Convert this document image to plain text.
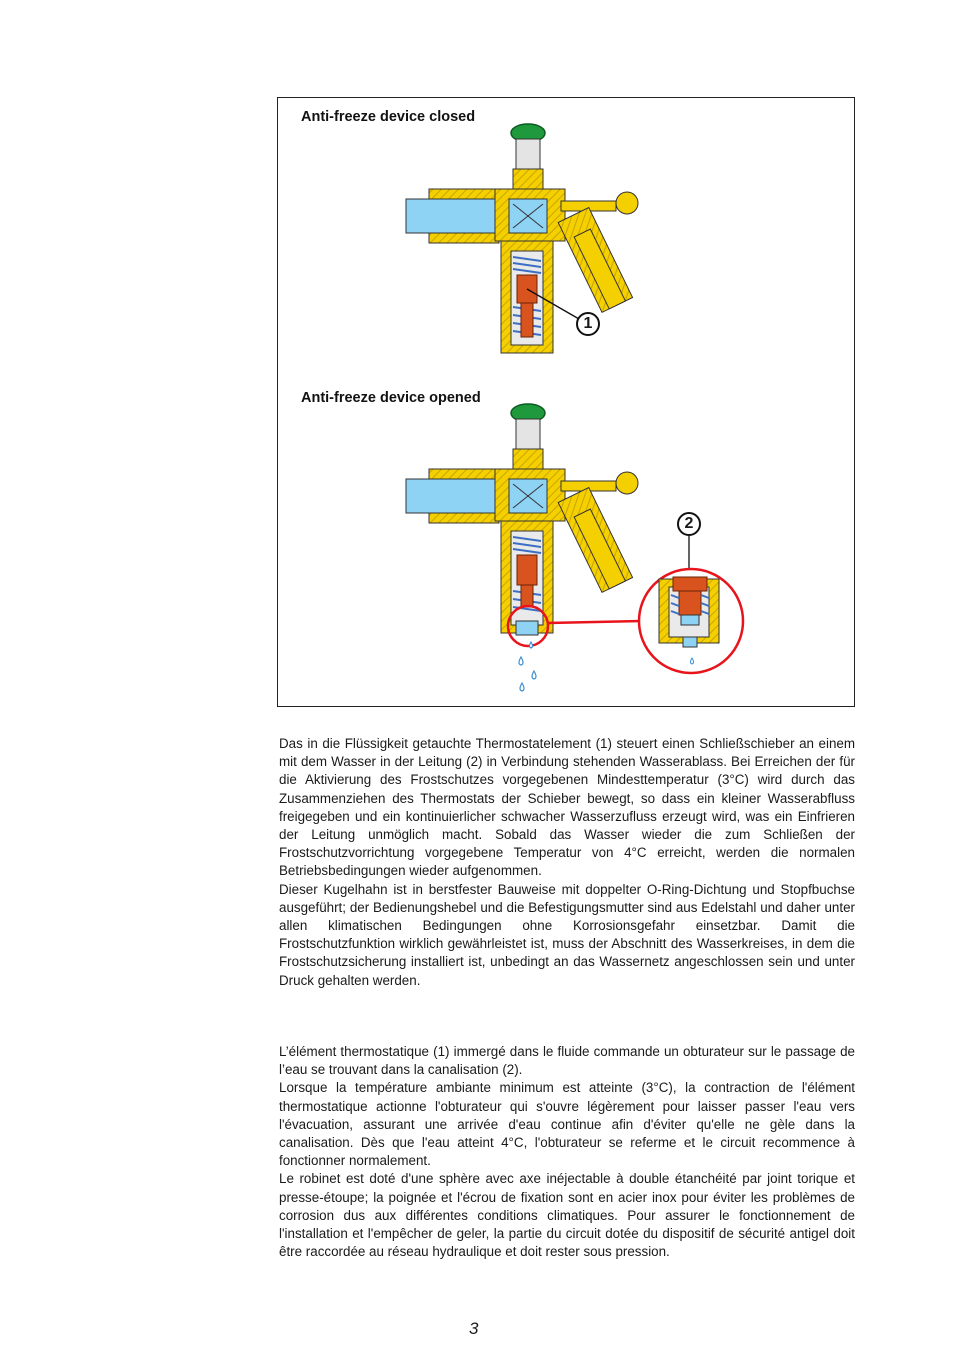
Anti-freeze device closed
Anti-freeze device opened
1
2

Das in die Flüssigkeit getauchte Thermostatelement (1) steuert einen Schließschieber an einem mit dem Wasser in der Leitung (2) in Verbindung stehenden Wasserablass. Bei Erreichen der für die Aktivierung des Frostschutzes vorgegebenen Mindesttemperatur (3°C) wird durch das Zusammenziehen des Thermostats der Schieber bewegt, so dass ein kleiner Wasserabfluss freigegeben und ein kontinuierlicher schwacher Wasserzufluss erzeugt wird, was ein Einfrieren der Leitung unmöglich macht. Sobald das Wasser wieder die zum Schließen der Frostschutzvorrichtung vorgegebene Temperatur von 4°C erreicht, werden die normalen Betriebsbedingungen wieder aufgenommen.

Dieser Kugelhahn ist in berstfester Bauweise mit doppelter O-Ring-Dichtung und Stopfbuchse ausgeführt; der Bedienungshebel und die Befestigungsmutter sind aus Edelstahl und daher unter allen klimatischen Bedingungen ohne Korrosionsgefahr einsetzbar. Damit die Frostschutzfunktion wirklich gewährleistet ist, muss der Abschnitt des Wasserkreises, in dem die Frostschutzsicherung installiert ist, unbedingt an das Wassernetz angeschlossen sein und unter Druck gehalten werden.

L’élément thermostatique (1) immergé dans le fluide commande un obturateur sur le passage de l’eau se trouvant dans la canalisation (2).

Lorsque la température ambiante minimum est atteinte (3°C), la contraction de l'élément thermostatique actionne l'obturateur qui s'ouvre légèrement pour laisser passer l'eau vers l'évacuation, assurant une arrivée d'eau continue afin d'éviter qu'elle ne gèle dans la canalisation. Dès que l'eau atteint 4°C, l'obturateur se referme et le circuit recommence à fonctionner normalement.

Le robinet est doté d'une sphère avec axe inéjectable à double étanchéité par joint torique et presse-étoupe; la poignée et l'écrou de fixation sont en acier inox pour éviter les problèmes de corrosion dus aux différentes conditions climatiques. Pour assurer le fonctionnement de l'installation et l'empêcher de geler, la partie du circuit dotée du dispositif de sécurité antigel doit être raccordée au réseau hydraulique et doit rester sous pression.

3
